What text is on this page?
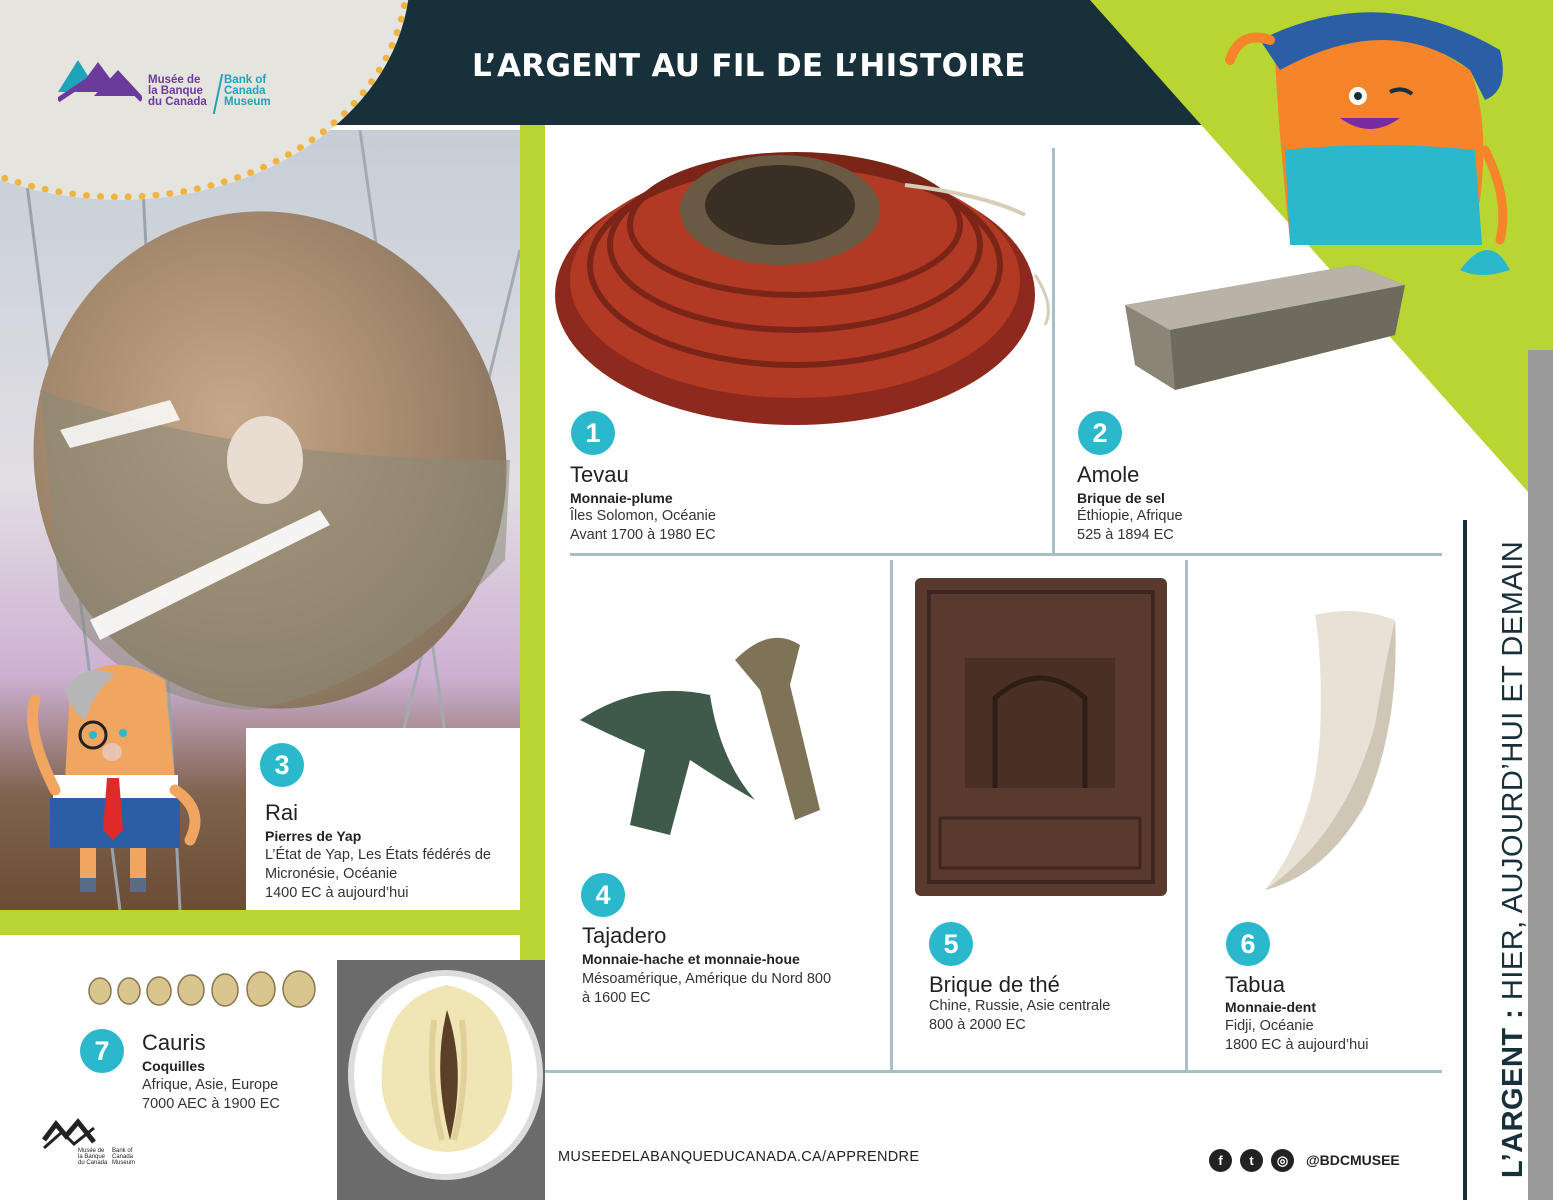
L’ARGENT AU FIL DE L’HISTOIRE
Musée de
la Banque
du Canada
Bank of
Canada
Museum
1
Tevau
Monnaie-plume
Îles Solomon, Océanie
Avant 1700 à 1980 EC
2
Amole
Brique de sel
Éthiopie, Afrique
525 à 1894 EC
3
Rai
Pierres de Yap
L’État de Yap, Les États fédérés de Micronésie, Océanie
1400 EC à aujourd’hui	4
Tajadero
Monnaie-hache et monnaie-houe
Mésoamérique, Amérique du Nord 800 à 1600 EC
5
Brique de thé
Chine, Russie, Asie centrale
800 à 2000 EC
6
Tabua
Monnaie-dent
Fidji, Océanie
1800 EC à aujourd’hui
7	Cauris
Coquilles
Afrique, Asie, Europe
7000 AEC à 1900 EC	L’ARGENT : HIER, AUJOURD’HUI ET DEMAIN
Musée de
la Banque
du Canada
Bank of
Canada
Museum	MUSEEDELABANQUEDUCANADA.CA/APPRENDRE	f	t	◎	@BDCMUSEE
